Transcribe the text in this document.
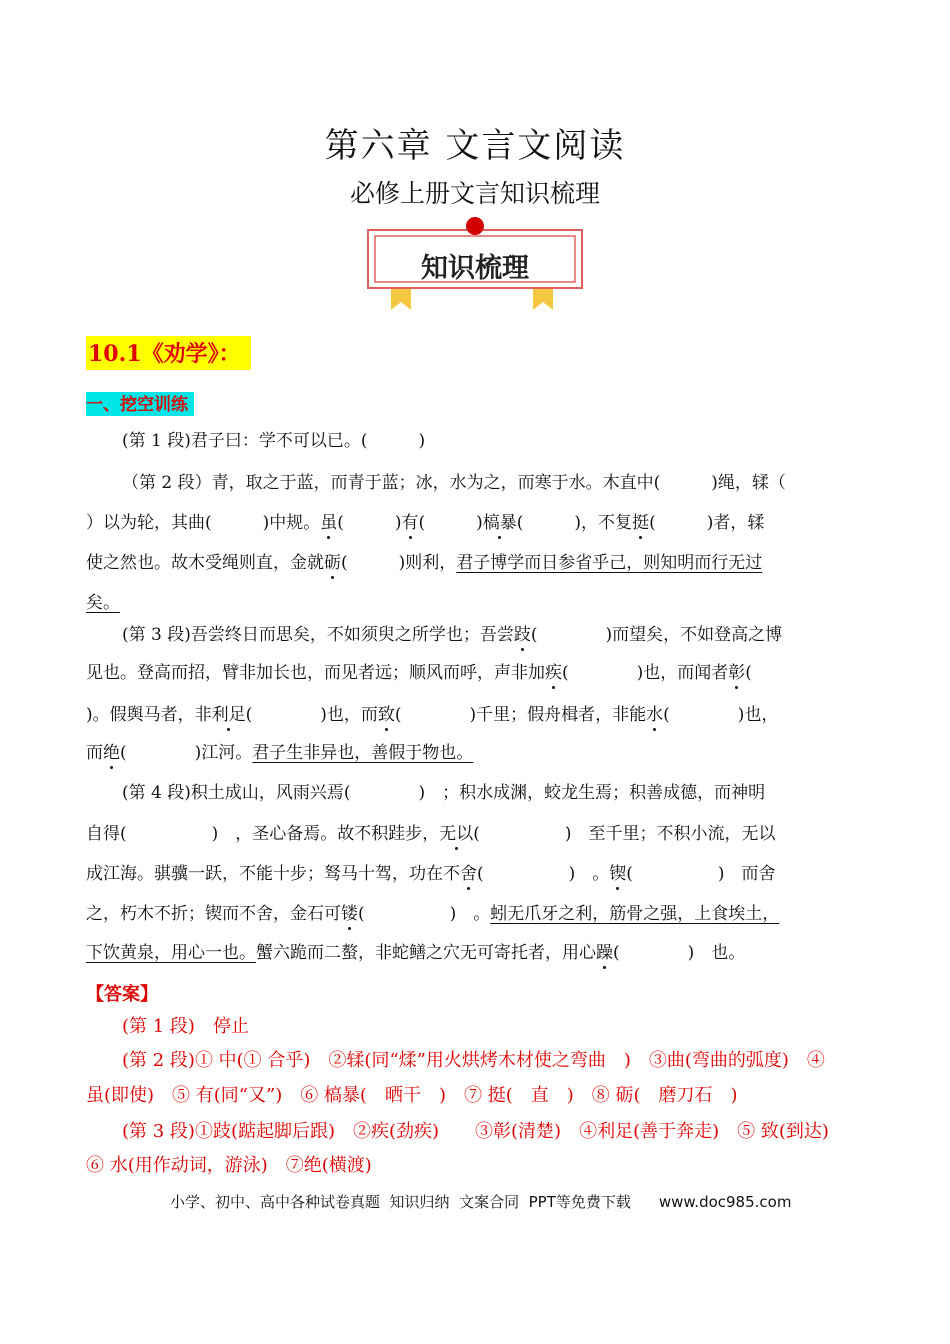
第六章 文言文阅读
必修上册文言知识梳理
知识梳理
10.1《劝学》：
一、挖空训练
(第 1 段)君子曰：学不可以已。(　　　)
（第 2 段）青，取之于蓝，而青于蓝；冰，水为之，而寒于水。木直中(　　　)绳，𫐓（
）以为轮，其曲(　　　)中规。虽(　　　)有(　　　)槁暴(　　　)，不复挺(　　　)者，𫐓
使之然也。故木受绳则直，金就砺(　　　)则利，君子博学而日参省乎己，则知明而行无过
矣。
(第 3 段)吾尝终日而思矣，不如须臾之所学也；吾尝跂(　　　　)而望矣，不如登高之博
见也。登高而招，臂非加长也，而见者远；顺风而呼，声非加疾(　　　　)也，而闻者彰(
)。假舆马者，非利足(　　　　)也，而致(　　　　)千里；假舟楫者，非能水(　　　　)也，
而绝(　　　　)江河。君子生非异也，善假于物也。
(第 4 段)积土成山，风雨兴焉(　　　　)　；积水成渊，蛟龙生焉；积善成德，而神明
自得(　　　　　)　，圣心备焉。故不积跬步，无以(　　　　　)　至千里；不积小流，无以
成江海。骐骥一跃，不能十步；驽马十驾，功在不舍(　　　　　)　。锲(　　　　　)　而舍
之，朽木不折；锲而不舍，金石可镂(　　　　　)　。蚓无爪牙之利，筋骨之强，上食埃土，
下饮黄泉，用心一也。蟹六跪而二螯，非蛇鳝之穴无可寄托者，用心躁(　　　　)　也。
【答案】
(第 1 段)　停止
(第 2 段)① 中(① 合乎)　②𫐓(同“煣”用火烘烤木材使之弯曲　)　③曲(弯曲的弧度)　④
虽(即使)　⑤ 有(同“又”)　⑥ 槁暴(　晒干　)　⑦ 挺(　直　)　⑧ 砺(　磨刀石　)
(第 3 段)①跂(踮起脚后跟)　②疾(劲疾)　　③彰(清楚)　④利足(善于奔走)　⑤ 致(到达)
⑥ 水(用作动词，游泳)　⑦绝(横渡)
小学、初中、高中各种试卷真题  知识归纳  文案合同  PPT等免费下载 www.doc985.com
